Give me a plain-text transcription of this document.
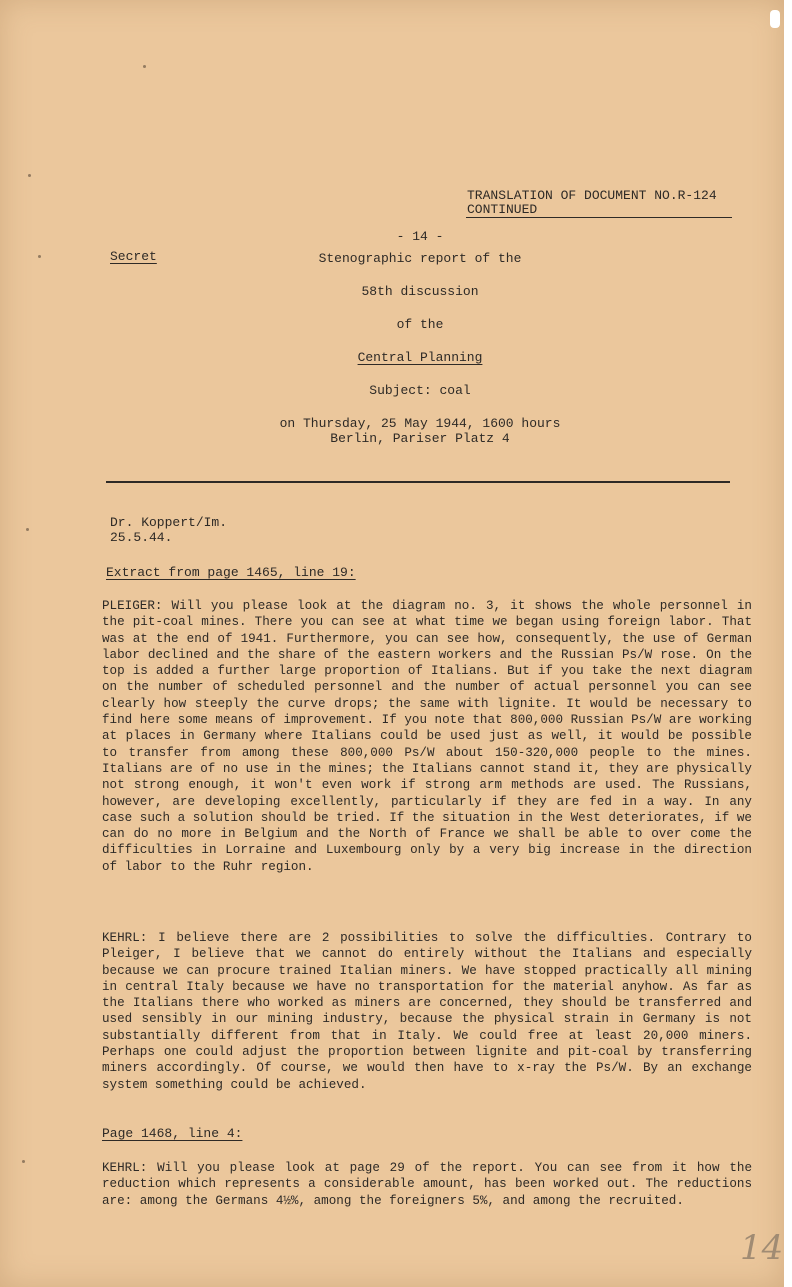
TRANSLATION OF DOCUMENT NO.R-124
CONTINUED
- 14 -
Secret	Stenographic report of the
58th discussion
of the
Central Planning
Subject: coal
on Thursday, 25 May 1944, 1600 hours
Berlin, Pariser Platz 4
Dr. Koppert/Im.
25.5.44.
Extract from page 1465, line 19:
PLEIGER: Will you please look at the diagram no. 3, it shows the whole personnel in the pit-coal mines. There you can see at what time we began using foreign labor. That was at the end of 1941. Furthermore, you can see how, consequently, the use of German labor declined and the share of the eastern workers and the Russian Ps/W rose. On the top is added a further large proportion of Italians. But if you take the next diagram on the number of scheduled personnel and the number of actual personnel you can see clearly how steeply the curve drops; the same with lignite. It would be necessary to find here some means of improvement. If you note that 800,000 Russian Ps/W are working at places in Germany where Italians could be used just as well, it would be possible to transfer from among these 800,000 Ps/W about 150-320,000 people to the mines. Italians are of no use in the mines; the Italians cannot stand it, they are physically not strong enough, it won't even work if strong arm methods are used. The Russians, however, are developing excellently, particularly if they are fed in a way. In any case such a solution should be tried. If the situation in the West deteriorates, if we can do no more in Belgium and the North of France we shall be able to over come the difficulties in Lorraine and Luxembourg only by a very big increase in the direction of labor to the Ruhr region.
KEHRL: I believe there are 2 possibilities to solve the difficulties. Contrary to Pleiger, I believe that we cannot do entirely without the Italians and especially because we can procure trained Italian miners. We have stopped practically all mining in central Italy because we have no transportation for the material anyhow. As far as the Italians there who worked as miners are concerned, they should be transferred and used sensibly in our mining industry, because the physical strain in Germany is not substantially different from that in Italy. We could free at least 20,000 miners. Perhaps one could adjust the proportion between lignite and pit-coal by transferring miners accordingly. Of course, we would then have to x-ray the Ps/W. By an exchange system something could be achieved.
Page 1468, line 4:
KEHRL: Will you please look at page 29 of the report. You can see from it how the reduction which represents a considerable amount, has been worked out. The reductions are: among the Germans 4½%, among the foreigners 5%, and among the recruited.
14
